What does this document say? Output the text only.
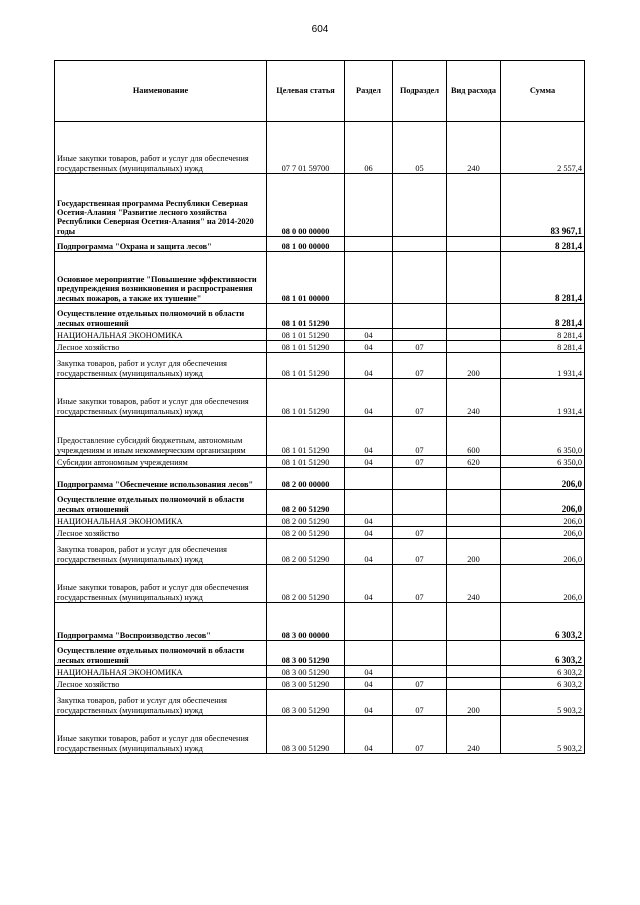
604
Наименование	Целевая статья	Раздел	Подраздел	Вид расхода	Сумма
Иные закупки товаров, работ и услуг для обеспечения государственных (муниципальных) нужд	07 7 01 59700	06	05	240	2 557,4
Государственная программа Республики Северная Осетия-Алания "Развитие лесного хозяйства Республики Северная Осетия-Алания" на 2014-2020 годы	08 0 00 00000				83 967,1
Подпрограмма "Охрана и защита лесов"	08 1 00 00000				8 281,4
Основное мероприятие "Повышение эффективности предупреждения возникновения и распространения лесных пожаров, а также их тушение"	08 1 01 00000				8 281,4
Осуществление отдельных полномочий в области лесных отношений	08 1 01 51290				8 281,4
НАЦИОНАЛЬНАЯ ЭКОНОМИКА	08 1 01 51290	04			8 281,4
Лесное хозяйство	08 1 01 51290	04	07		8 281,4
Закупка товаров, работ и услуг для обеспечения государственных (муниципальных) нужд	08 1 01 51290	04	07	200	1 931,4
Иные закупки товаров, работ и услуг для обеспечения государственных (муниципальных) нужд	08 1 01 51290	04	07	240	1 931,4
Предоставление субсидий бюджетным, автономным учреждениям и иным некоммерческим организациям	08 1 01 51290	04	07	600	6 350,0
Субсидии автономным учреждениям	08 1 01 51290	04	07	620	6 350,0
Подпрограмма "Обеспечение использования лесов"	08 2 00 00000				206,0
Осуществление отдельных полномочий в области лесных отношений	08 2 00 51290				206,0
НАЦИОНАЛЬНАЯ ЭКОНОМИКА	08 2 00 51290	04			206,0
Лесное хозяйство	08 2 00 51290	04	07		206,0
Закупка товаров, работ и услуг для обеспечения государственных (муниципальных) нужд	08 2 00 51290	04	07	200	206,0
Иные закупки товаров, работ и услуг для обеспечения государственных (муниципальных) нужд	08 2 00 51290	04	07	240	206,0
Подпрограмма "Воспроизводство лесов"	08 3 00 00000				6 303,2
Осуществление отдельных полномочий в области лесных отношений	08 3 00 51290				6 303,2
НАЦИОНАЛЬНАЯ ЭКОНОМИКА	08 3 00 51290	04			6 303,2
Лесное хозяйство	08 3 00 51290	04	07		6 303,2
Закупка товаров, работ и услуг для обеспечения государственных (муниципальных) нужд	08 3 00 51290	04	07	200	5 903,2
Иные закупки товаров, работ и услуг для обеспечения государственных (муниципальных) нужд	08 3 00 51290	04	07	240	5 903,2
